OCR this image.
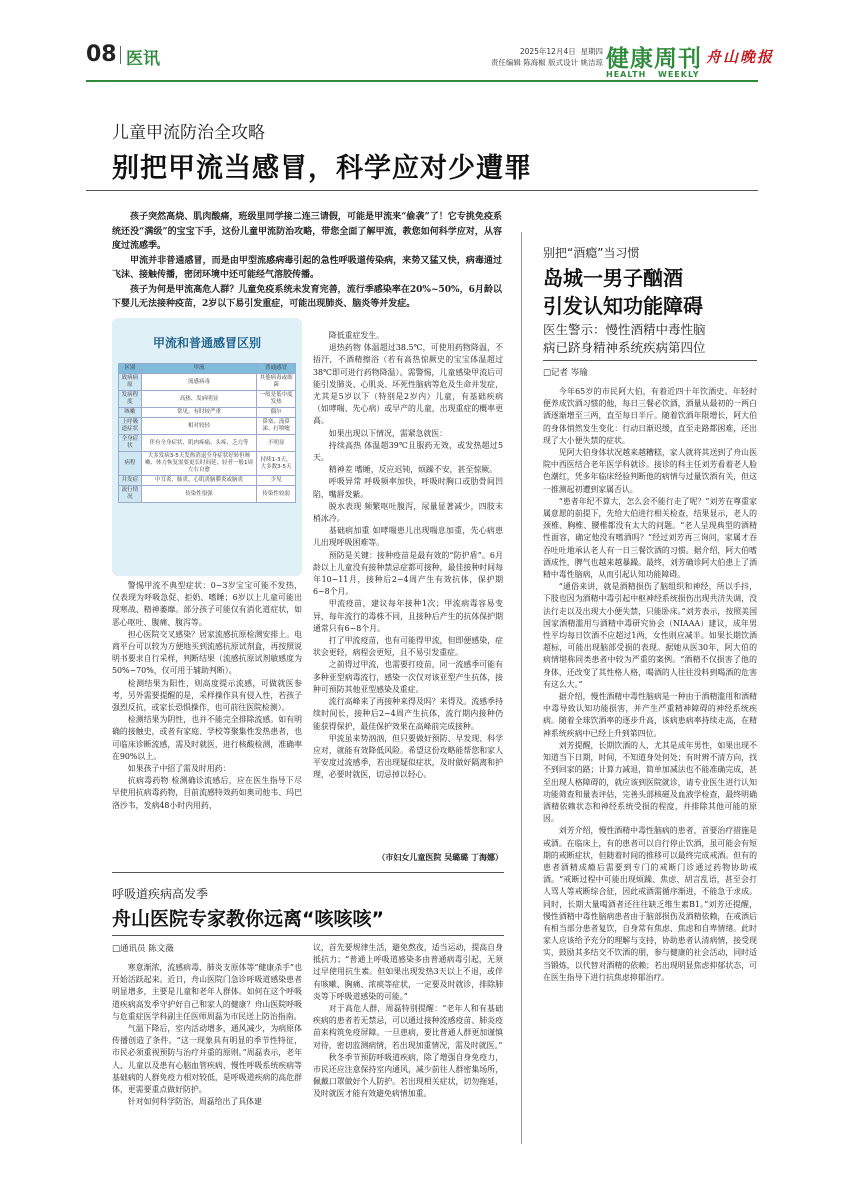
08 医讯	2025年12月4日 星期四
责任编辑 陈海椒 版式设计 姚洁琼 健康周刊 舟山晚报
HEALTH WEEKLY
儿童甲流防治全攻略
别把甲流当感冒，科学应对少遭罪

孩子突然高烧、肌肉酸痛，班级里同学接二连三请假，可能是甲流来“偷袭”了！它专挑免疫系统还没“满级”的宝宝下手，这份儿童甲流防治攻略，带您全面了解甲流，教您如何科学应对，从容度过流感季。

甲流并非普通感冒，而是由甲型流感病毒引起的急性呼吸道传染病，来势又猛又快，病毒通过飞沫、接触传播，密闭环境中还可能经气溶胶传播。

孩子为何是甲流高危人群？儿童免疫系统未发育完善，流行季感染率在20%~50%，6月龄以下婴儿无法接种疫苗，2岁以下易引发重症，可能出现肺炎、脑炎等并发症。

甲流和普通感冒区别
区别	甲流	普通感冒
致病病原	流感病毒	其他病毒或细菌
发病程度	高热、发病明显	一般是低中度发热
咳嗽	常见，有时较严重	偶尔
上呼吸道症状	相对较轻	鼻塞、流鼻涕、打喷嚏
全身症状	伴有全身症状，肌肉疼痛、头疼、乏力等	不明显
病程	大多发病3-5天发热消退全身症状好转但咳嗽、体力恢复需要更长时间延，轻者一般1周左右自愈	持续1-3天，大多数3-5天
并发症	中耳炎、肺炎、心肌炎脑膜炎或脑炎	少见
流行情况	传染性很强	传染性较弱

警惕甲流不典型症状：0~3岁宝宝可能不发热，仅表现为呼吸急促、拒奶、嗜睡；6岁以上儿童可能出现寒战、精神萎靡。部分孩子可能仅有消化道症状，如恶心呕吐、腹痛、腹泻等。

担心医院交叉感染？居家流感抗原检测安排上。电商平台可以较为方便地买到流感抗原试剂盒，再按照说明书要求自行采样，判断结果（流感抗原试剂敏感度为50%~70%，仅可用于辅助判断）。

检测结果为阳性，则高度提示流感，可做就医参考，另外需要提醒的是，采样操作具有侵入性，若孩子强烈反抗，或家长恐惧操作，也可前往医院检测）。

检测结果为阴性，也并不能完全排除流感。如有明确的接触史，或者有家庭、学校等聚集性发热患者，也可临床诊断流感，需及时就医，进行核酸检测，准确率在90%以上。

如果孩子中招了需及时用药：

抗病毒药物 检测确诊流感后，应在医生指导下尽早使用抗病毒药物，目前流感特效药如奥司他韦、玛巴洛沙韦，发病48小时内用药，

降低重症发生。

退热药物 体温超过38.5℃，可使用药物降温，不捂汗，不酒精擦浴（若有高热惊厥史的宝宝体温超过38℃即可进行药物降温）。需警惕，儿童感染甲流后可能引发肺炎、心肌炎、坏死性脑病等危及生命并发症，尤其是5岁以下（特别是2岁内）儿童，有基础疾病（如哮喘、先心病）或早产的儿童，出现重症的概率更高。

如果出现以下情况，需紧急就医：

持续高热 体温超39℃且服药无效，或发热超过5天。

精神差 嗜睡，反应迟钝，烦躁不安，甚至惊厥。

呼吸异常 呼吸频率加快，呼吸时胸口或肋骨间凹陷，嘴唇发紫。

脱水表现 频繁呕吐腹泻，尿量显著减少，四肢末梢冰冷。

基础病加重 如哮喘患儿出现喘息加重，先心病患儿出现呼吸困难等。

预防是关键：接种疫苗是最有效的“防护盾”。6月龄以上儿童没有接种禁忌症都可接种，最佳接种时间每年10~11月，接种后2~4周产生有效抗体，保护期6~8个月。

甲流疫苗，建议每年接种1次；甲流病毒容易变异，每年流行的毒株不同，且接种后产生的抗体保护期通常只有6~8个月。

打了甲流疫苗，也有可能得甲流，但即便感染，症状会更轻，病程会更短，且不易引发重症。

之前得过甲流，也需要打疫苗，同一流感季可能有多种亚型病毒流行，感染一次仅对该亚型产生抗体，接种可预防其他亚型感染及重症。

流行高峰来了再接种来得及吗？来得及。流感季持续时间长，接种后2~4周产生抗体，流行期内接种仍能获得保护，最佳保护效果在高峰前完成接种。

甲流虽来势汹汹，但只要做好预防、早发现、科学应对，就能有效降低风险。希望这份攻略能帮您和家人平安度过流感季，若出现疑似症状，及时做好隔离和护理，必要时就医，切忌掉以轻心。

（市妇女儿童医院 吴璐璐 丁海娜）
别把“酒瘾”当习惯
岛城一男子酗酒
引发认知功能障碍
医生警示：慢性酒精中毒性脑
病已跻身精神系统疾病第四位
□记者 岑瑜

今年65岁的市民阿大伯，有着近四十年饮酒史。年轻时便养成饮酒习惯的他，每日三餐必饮酒，酒量从最初的一两白酒逐渐增至三两，直至每日半斤。随着饮酒年限增长，阿大伯的身体悄然发生变化：行动日渐迟缓，直至走路都困难，还出现了大小便失禁的症状。

见阿大伯身体状况越来越糟糕，家人就将其送到了舟山医院中西医结合老年医学科就诊。接诊的科主任刘芳看着老人脸色潮红，凭多年临床经验判断他的病情与过量饮酒有关，但这一推测起初遭到家属否认。

“患者年纪不算大，怎么会不能行走了呢？”刘芳在尊重家属意愿的前提下，先给大伯进行相关检查，结果显示，老人的颈椎、胸椎、腰椎都没有太大的问题。“老人呈现典型的酒精性面容，确定他没有嗜酒吗？”经过刘芳再三询问，家属才吞吞吐吐地承认老人有一日三餐饮酒的习惯。据介绍，阿大伯嗜酒成性，脾气也越来越暴躁。最终，刘芳确诊阿大伯患上了酒精中毒性脑病，从而引起认知功能障碍。

“通俗来讲，就是酒精损伤了脑组织和神经，所以手抖，下肢也因为酒精中毒引起中枢神经系统损伤出现共济失调，没法行走以及出现大小便失禁，只能卧床。”刘芳表示，按照美国国家酒精滥用与酒精中毒研究协会（NIAAA）建议，成年男性平均每日饮酒不应超过1两，女性则应减半。如果长期饮酒超标，可能出现脑部受损的表现。据她从医30年，阿大伯的病情堪称同类患者中较为严重的案例。“酒精不仅损害了他的身体，还改变了其性格人格，喝酒的人往往没料到喝酒的危害有这么大。”

据介绍，慢性酒精中毒性脑病是一种由于酒精滥用和酒精中毒导致认知功能损害，并产生严重精神障碍的神经系统疾病。随着全球饮酒率的逐步升高，该病患病率持续走高，在精神系统疾病中已经上升到第四位。

刘芳提醒，长期饮酒的人，尤其是成年男性，如果出现不知道当下日期，时间，不知道身处何处；有时辨不清方向，找不到回家的路；计算力减退，简单加减法也不能准确完成，甚至出现人格障碍的，就应该到医院就诊，请专业医生进行认知功能筛查和量表评估，完善头部核磁及血液学检查，最终明确酒精依赖状态和神经系统受损的程度，并排除其他可能的原因。

刘芳介绍，慢性酒精中毒性脑病的患者，首要治疗措施是戒酒。在临床上，有的患者可以自行停止饮酒，虽可能会有短期的戒断症状，但随着时间的推移可以最终完成戒酒。但有的患者酒精成瘾后需要到专门的戒断门诊通过药物协助戒酒。“戒断过程中可能出现烦躁、焦虑、胡言乱语，甚至会打人骂人等戒断综合征，因此戒酒需循序渐进，不能急于求成。同时，长期大量喝酒者还往往缺乏维生素B1。”刘芳还提醒，慢性酒精中毒性脑病患者由于脑部损伤及酒精依赖，在戒酒后有相当部分患者复饮，自身常有焦虑、焦虑和自卑情绪。此时家人应该给予充分的理解与支持，协助患者认清病情，接受现实，鼓励其多结交不饮酒的朋，参与健康的社会活动，同时适当锻炼，以代替对酒精的依赖；若出现明显焦虑抑郁状态，可在医生指导下进行抗焦虑抑郁治疗。

呼吸道疾病高发季
舟山医院专家教你远离“咳咳咳”
□通讯员 陈文薇

寒意渐浓，流感病毒、肺炎支原体等“健康杀手”也开始活跃起来。近日，舟山医院门急诊呼吸道感染患者明显增多，主要是儿童和老年人群体。如何在这个呼吸道疾病高发季守护好自己和家人的健康？舟山医院呼吸与危重症医学科副主任医师周磊为市民送上防治指南。

气温下降后，室内活动增多，通风减少，为病原体传播创造了条件。“这一现象具有明显的季节性特征，市民必须重视预防与治疗并重的原则。”周磊表示，老年人、儿童以及患有心脑血管疾病、慢性呼吸系统疾病等基础病的人群免疫力相对较低，是呼吸道疾病的高危群体，更需要重点做好防护。

针对如何科学防治，周磊给出了具体建

议，首先要规律生活，避免熬夜，适当运动，提高自身抵抗力；“普通上呼吸道感染多由普通病毒引起，无须过早使用抗生素。但如果出现发热3天以上不退，或伴有咳嗽、胸痛、浓痰等症状，一定要及时就诊，排除肺炎等下呼吸道感染的可能。”

对于高危人群，周磊特别提醒：“老年人和有基础疾病的患者若无禁忌，可以通过接种流感疫苗、肺炎疫苗来构筑免疫屏障。一旦患病，要比普通人群更加谨慎对待，密切监测病情，若出现加重情况，需及时就医。”

秋冬季节预防呼吸道疾病，除了增强自身免疫力，市民还应注意保持室内通风，减少前往人群密集场所，佩戴口罩做好个人防护。若出现相关症状，切勿拖延，及时就医才能有效避免病情加重。
